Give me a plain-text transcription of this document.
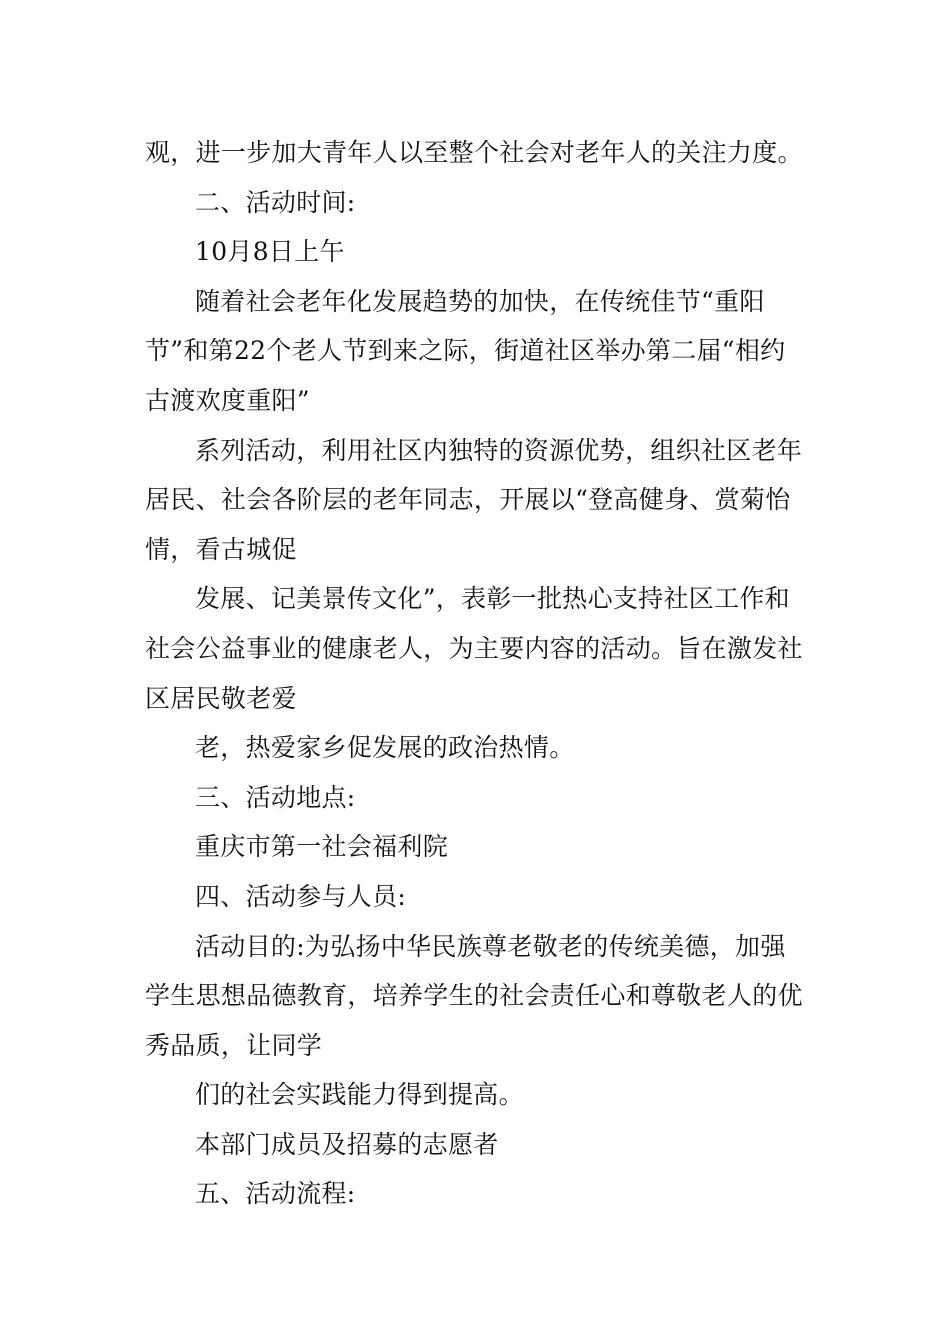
观，进一步加大青年人以至整个社会对老年人的关注力度。

二、活动时间:

10月8日上午

随着社会老年化发展趋势的加快，在传统佳节“重阳节”和第22个老人节到来之际，街道社区举办第二届“相约古渡欢度重阳”

系列活动，利用社区内独特的资源优势，组织社区老年居民、社会各阶层的老年同志，开展以“登高健身、赏菊怡情，看古城促

发展、记美景传文化”，表彰一批热心支持社区工作和社会公益事业的健康老人，为主要内容的活动。旨在激发社区居民敬老爱

老，热爱家乡促发展的政治热情。

三、活动地点:

重庆市第一社会福利院

四、活动参与人员:

活动目的:为弘扬中华民族尊老敬老的传统美德，加强学生思想品德教育，培养学生的社会责任心和尊敬老人的优秀品质，让同学

们的社会实践能力得到提高。

本部门成员及招募的志愿者

五、活动流程:
